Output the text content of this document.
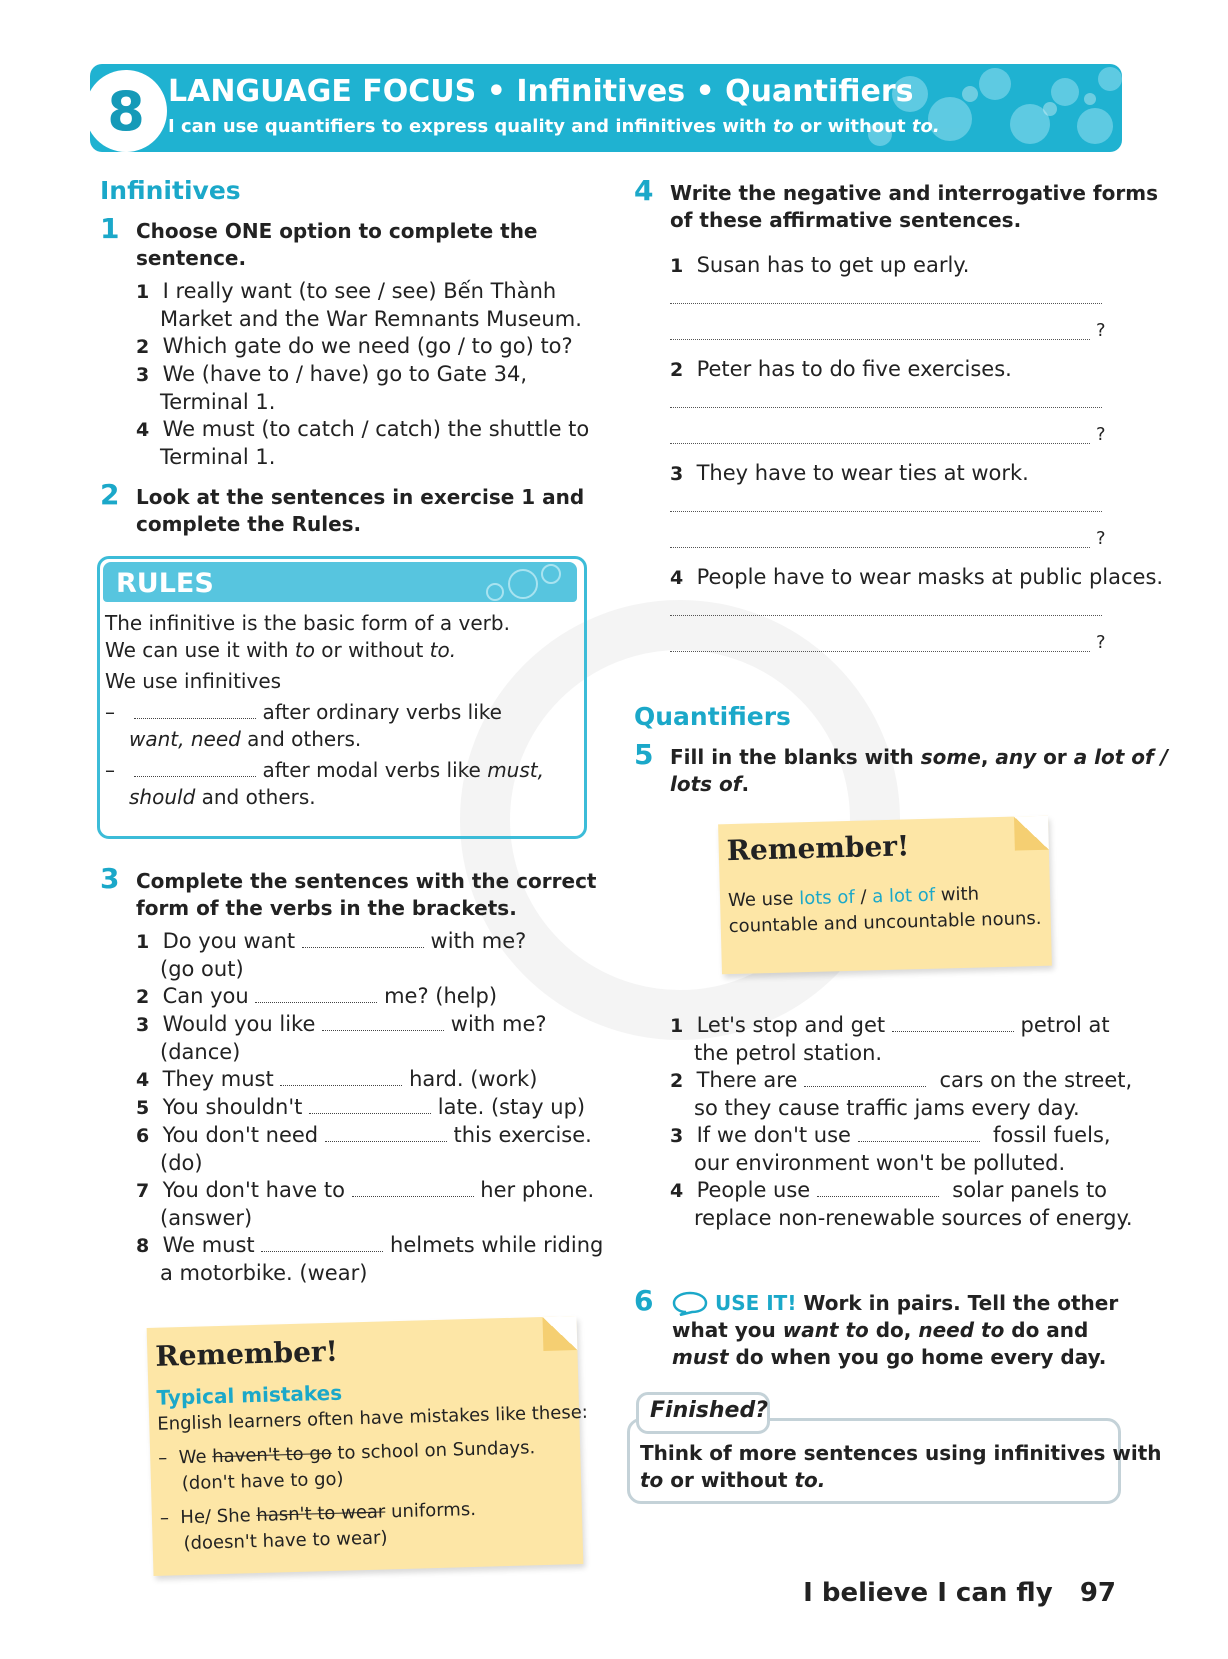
8 LANGUAGE FOCUS • Infinitives • Quantifiers
I can use quantifiers to express quality and infinitives with to or without to.
Infinitives
1 Choose ONE option to complete the
sentence.
1 I really want (to see / see) Bến Thành
Market and the War Remnants Museum.
2 Which gate do we need (go / to go) to?
3 We (have to / have) go to Gate 34,
Terminal 1.
4 We must (to catch / catch) the shuttle to
Terminal 1.
2 Look at the sentences in exercise 1 and
complete the Rules.
RULES
The infinitive is the basic form of a verb.
We can use it with to or without to.
We use infinitives
–	after ordinary verbs like
want, need and others.
–	after modal verbs like must,
should and others.
3 Complete the sentences with the correct
form of the verbs in the brackets.
1 Do you want	with me?
(go out)
2 Can you	me? (help)
3 Would you like	with me?
(dance)
4 They must	hard. (work)
5 You shouldn't	late. (stay up)
6 You don't need	this exercise.
(do)
7 You don't have to	her phone.
(answer)
8 We must	helmets while riding
a motorbike. (wear)
Remember!
Typical mistakes
English learners often have mistakes like these:
– We haven't to go to school on Sundays.
(don't have to go)
– He/ She hasn't to wear uniforms.
(doesn't have to wear)
4 Write the negative and interrogative forms
of these affirmative sentences.
1 Susan has to get up early.
?
2 Peter has to do five exercises.
?
3 They have to wear ties at work.
?
4 People have to wear masks at public places.
?
Quantifiers
5 Fill in the blanks with some, any or a lot of /
lots of.
Remember!
We use lots of / a lot of with
countable and uncountable nouns.
1 Let's stop and get	petrol at
the petrol station.
2 There are	cars on the street,
so they cause traffic jams every day.
3 If we don't use	fossil fuels,
our environment won't be polluted.
4 People use	solar panels to
replace non-renewable sources of energy.
6	USE IT! Work in pairs. Tell the other
what you want to do, need to do and
must do when you go home every day.
Finished?
Think of more sentences using infinitives with
to or without to.
I believe I can fly 97
